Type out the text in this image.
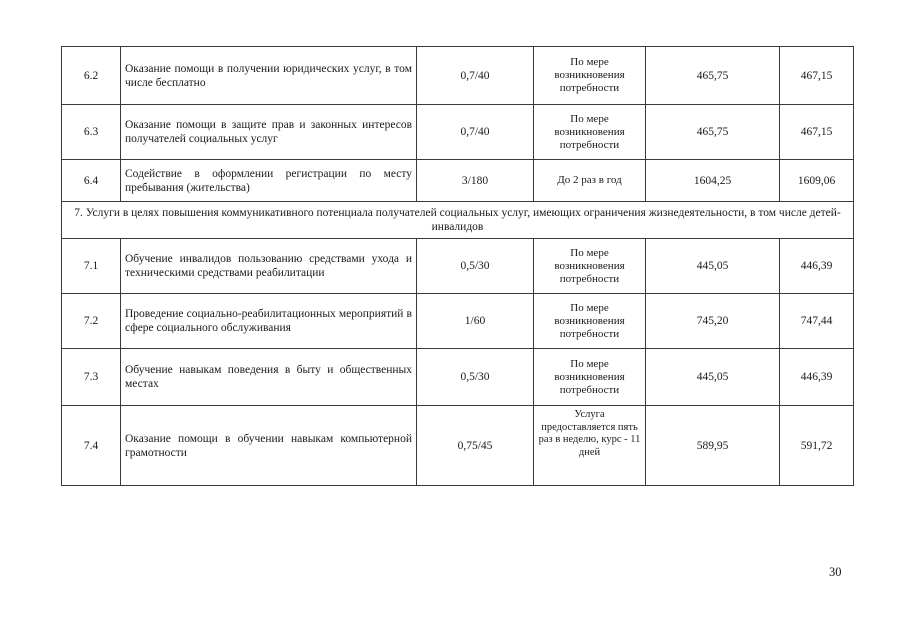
6.2	Оказание помощи в получении юридических услуг, в том числе бесплатно	0,7/40	По мере возникновения потребности	465,75	467,15
6.3	Оказание помощи в защите прав и законных интересов получателей социальных услуг	0,7/40	По мере возникновения потребности	465,75	467,15
6.4	Содействие в оформлении регистрации по месту пребывания (жительства)	3/180	До 2 раз в год	1604,25	1609,06
7. Услуги в целях повышения коммуникативного потенциала получателей социальных услуг, имеющих ограничения жизнедеятельности, в том числе детей-инвалидов					
7.1	Обучение инвалидов пользованию средствами ухода и техническими средствами реабилитации	0,5/30	По мере возникновения потребности	445,05	446,39
7.2	Проведение социально-реабилитационных мероприятий в сфере социального обслуживания	1/60	По мере возникновения потребности	745,20	747,44
7.3	Обучение навыкам поведения в быту и общественных местах	0,5/30	По мере возникновения потребности	445,05	446,39
7.4	Оказание помощи в обучении навыкам компьютерной грамотности	0,75/45	Услуга предоставляется пять раз в неделю, курс - 11 дней	589,95	591,72
30
